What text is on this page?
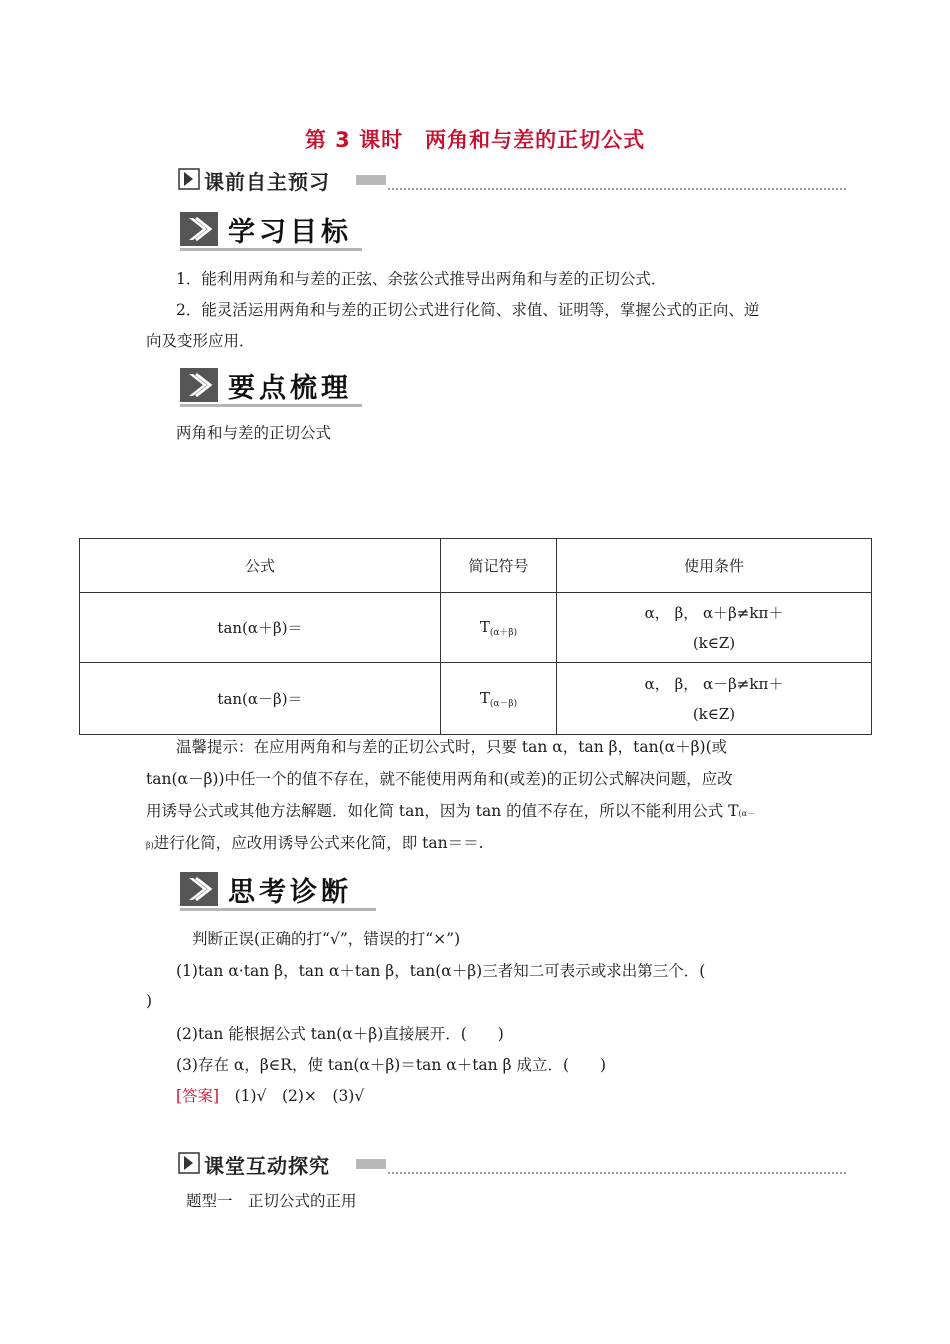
第 3 课时　两角和与差的正切公式
课前自主预习
学习目标
1．能利用两角和与差的正弦、余弦公式推导出两角和与差的正切公式．
2．能灵活运用两角和与差的正切公式进行化简、求值、证明等，掌握公式的正向、逆
向及变形应用．
要点梳理
两角和与差的正切公式
公式	简记符号	使用条件
tan(α＋β)＝	$T_{(\alpha+\beta)}$	α， β， α＋β≠kπ＋
(k∈Z)

tan(α－β)＝	$T_{(\alpha-\beta)}$	α， β， α－β≠kπ＋
(k∈Z)
温馨提示：在应用两角和与差的正切公式时，只要 tan α，tan β，tan(α＋β)(或
tan(α－β))中任一个的值不存在，就不能使用两角和(或差)的正切公式解决问题，应改
用诱导公式或其他方法解题．如化简 tan，因为 tan 的值不存在，所以不能利用公式 T(α－
β)进行化简，应改用诱导公式来化简，即 tan＝＝.
思考诊断
判断正误(正确的打“√”，错误的打“×”)
(1)tan α·tan β，tan α＋tan β，tan(α＋β)三者知二可表示或求出第三个．(
)
(2)tan 能根据公式 tan(α＋β)直接展开．(　　)
(3)存在 α，β∈R，使 tan(α＋β)＝tan α＋tan β 成立．(　　)
[答案]　 (1)√　(2)×　(3)√
课堂互动探究
题型一　正切公式的正用
